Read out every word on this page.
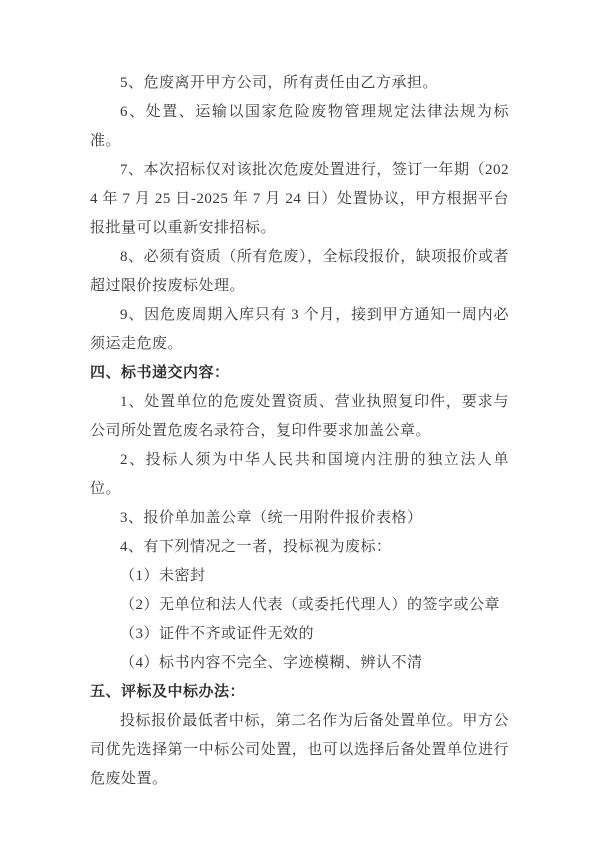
5、危废离开甲方公司，所有责任由乙方承担。

6、处置、运输以国家危险废物管理规定法律法规为标准。

7、本次招标仅对该批次危废处置进行，签订一年期（2024 年 7 月 25 日-2025 年 7 月 24 日）处置协议，甲方根据平台报批量可以重新安排招标。

8、必须有资质（所有危废），全标段报价，缺项报价或者超过限价按废标处理。

9、因危废周期入库只有 3 个月，接到甲方通知一周内必须运走危废。

四、标书递交内容：

1、处置单位的危废处置资质、营业执照复印件，要求与公司所处置危废名录符合，复印件要求加盖公章。

2、投标人须为中华人民共和国境内注册的独立法人单位。

3、报价单加盖公章（统一用附件报价表格）

4、有下列情况之一者，投标视为废标：

（1）未密封

（2）无单位和法人代表（或委托代理人）的签字或公章

（3）证件不齐或证件无效的

（4）标书内容不完全、字迹模糊、辨认不清

五、评标及中标办法：

投标报价最低者中标，第二名作为后备处置单位。甲方公司优先选择第一中标公司处置，也可以选择后备处置单位进行危废处置。
